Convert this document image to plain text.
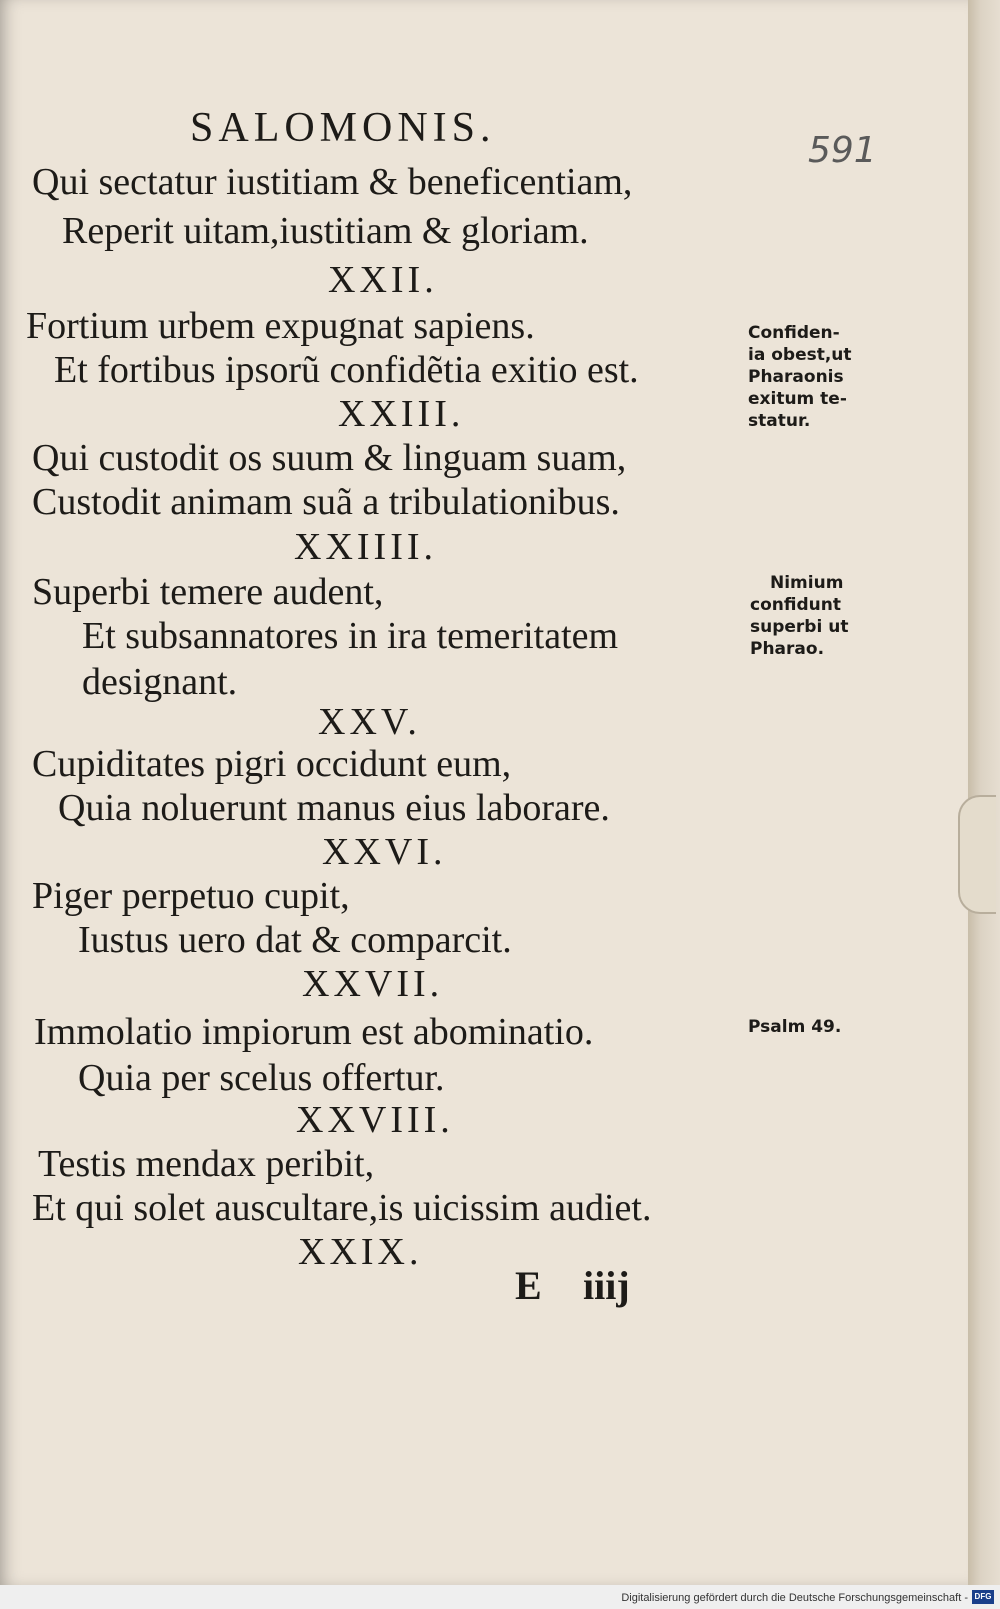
SALOMONIS.	591
Qui sectatur iustitiam & beneficentiam,
Reperit uitam,iustitiam & gloriam.
XXII.
Fortium urbem expugnat sapiens.
Et fortibus ipsorũ confidẽtia exitio est.
XXIII.
Qui custodit os suum & linguam suam,
Custodit animam suã a tribulationibus.
XXIIII.
Superbi temere audent,
Et subsannatores in ira temeritatem
designant.
XXV.
Cupiditates pigri occidunt eum,
Quia noluerunt manus eius laborare.
XXVI.
Piger perpetuo cupit,
Iustus uero dat & comparcit.
XXVII.
Immolatio impiorum est abominatio.
Quia per scelus offertur.
XXVIII.
Testis mendax peribit,
Et qui solet auscultare,is uicissim audiet.
XXIX.
Confiden-
ia obest,ut
Pharaonis
exitum te-
statur.
Nimium
confidunt
superbi ut
Pharao.
Psalm 49.
E iiij
Digitalisierung gefördert durch die Deutsche Forschungsgemeinschaft - DFG
